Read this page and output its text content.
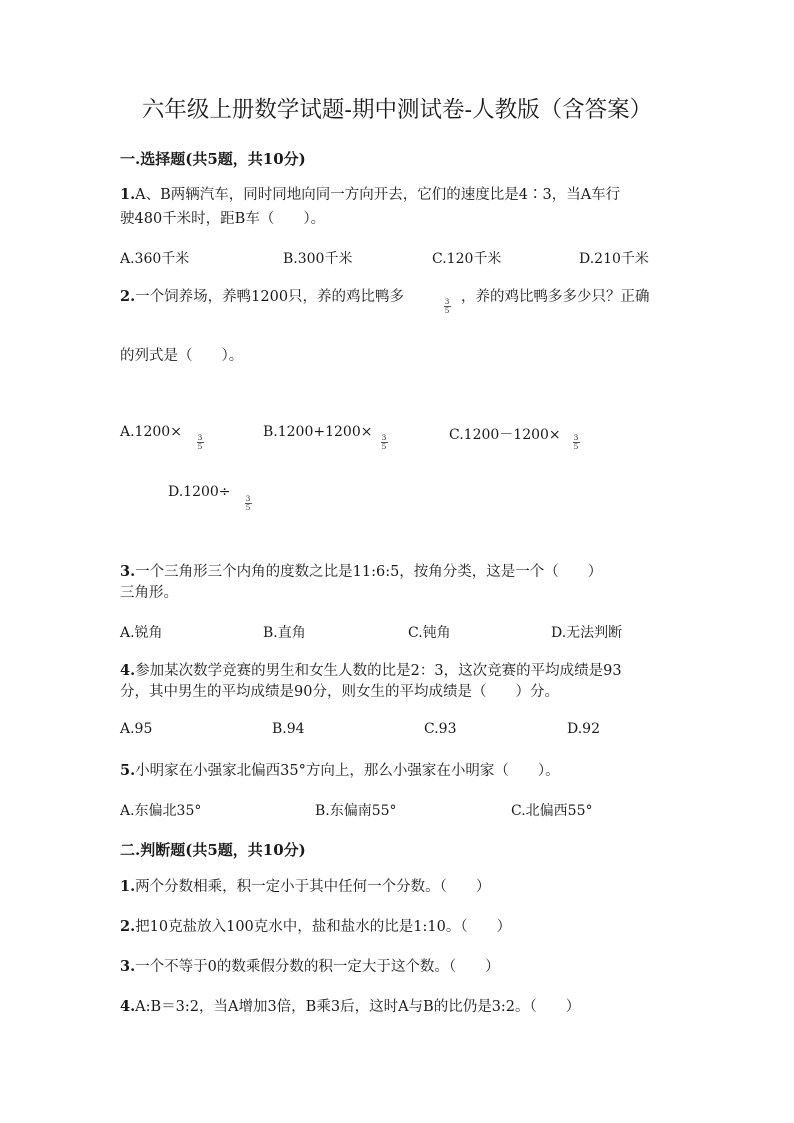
六年级上册数学试题-期中测试卷-人教版（含答案）
一.选择题(共5题，共10分)
1.A、B两辆汽车，同时同地向同一方向开去，它们的速度比是4∶3，当A车行
驶480千米时，距B车（　　）。
A.360千米	B.300千米	C.120千米	D.210千米
2.一个饲养场，养鸭1200只，养的鸡比鸭多	3
5
，养的鸡比鸭多多少只？正确
的列式是（　　）。
A.1200× 3
5
B.1200+1200× 3
5
C.1200－1200× 3
5
D.1200÷ 3
5
3.一个三角形三个内角的度数之比是11:6:5，按角分类，这是一个（　　）
三角形。
A.锐角	B.直角	C.钝角	D.无法判断
4.参加某次数学竞赛的男生和女生人数的比是2：3，这次竞赛的平均成绩是93
分，其中男生的平均成绩是90分，则女生的平均成绩是（　　）分。
A.95	B.94	C.93	D.92
5.小明家在小强家北偏西35°方向上，那么小强家在小明家（　　）。
A.东偏北35°	B.东偏南55°	C.北偏西55°
二.判断题(共5题，共10分)
1.两个分数相乘，积一定小于其中任何一个分数。（　　）
2.把10克盐放入100克水中，盐和盐水的比是1:10。（　　）
3.一个不等于0的数乘假分数的积一定大于这个数。（　　）
4.A:B＝3:2，当A增加3倍，B乘3后，这时A与B的比仍是3:2。（　　）
